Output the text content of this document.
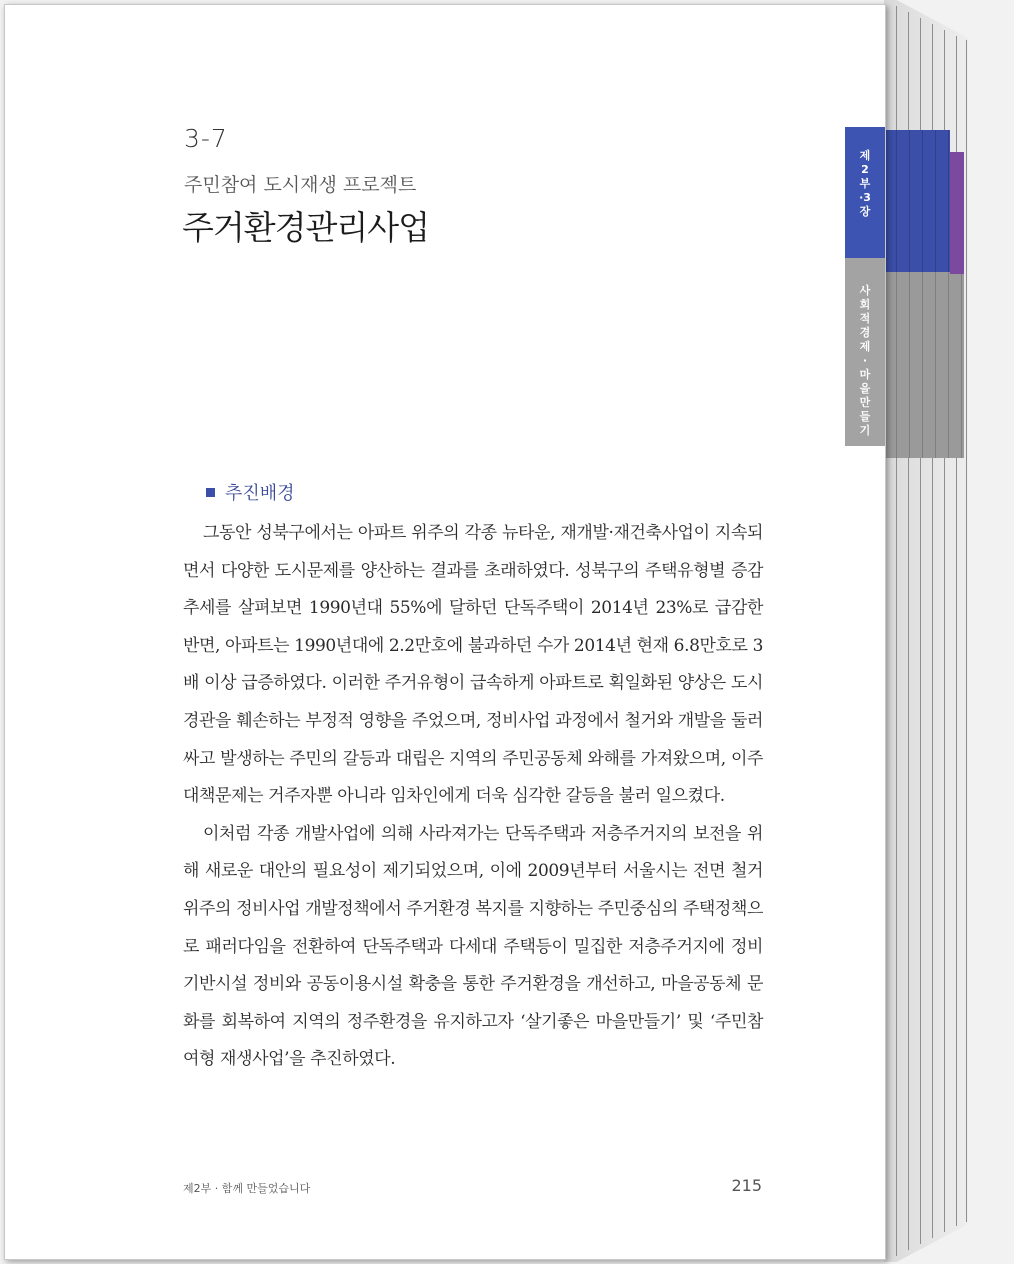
제2부·3장
사회적경제·마을만들기
3-7
주민참여 도시재생 프로젝트
주거환경관리사업
추진배경

그동안 성북구에서는 아파트 위주의 각종 뉴타운, 재개발·재건축사업이 지속되면서 다양한 도시문제를 양산하는 결과를 초래하였다. 성북구의 주택유형별 증감추세를 살펴보면 1990년대 55%에 달하던 단독주택이 2014년 23%로 급감한 반면, 아파트는 1990년대에 2.2만호에 불과하던 수가 2014년 현재 6.8만호로 3배 이상 급증하였다. 이러한 주거유형이 급속하게 아파트로 획일화된 양상은 도시경관을 훼손하는 부정적 영향을 주었으며, 정비사업 과정에서 철거와 개발을 둘러싸고 발생하는 주민의 갈등과 대립은 지역의 주민공동체 와해를 가져왔으며, 이주대책문제는 거주자뿐 아니라 임차인에게 더욱 심각한 갈등을 불러 일으켰다.

이처럼 각종 개발사업에 의해 사라져가는 단독주택과 저층주거지의 보전을 위해 새로운 대안의 필요성이 제기되었으며, 이에 2009년부터 서울시는 전면 철거위주의 정비사업 개발정책에서 주거환경 복지를 지향하는 주민중심의 주택정책으로 패러다임을 전환하여 단독주택과 다세대 주택등이 밀집한 저층주거지에 정비기반시설 정비와 공동이용시설 확충을 통한 주거환경을 개선하고, 마을공동체 문화를 회복하여 지역의 정주환경을 유지하고자 ‘살기좋은 마을만들기’ 및 ‘주민참여형 재생사업’을 추진하였다.

제2부 · 함께 만들었습니다	215
